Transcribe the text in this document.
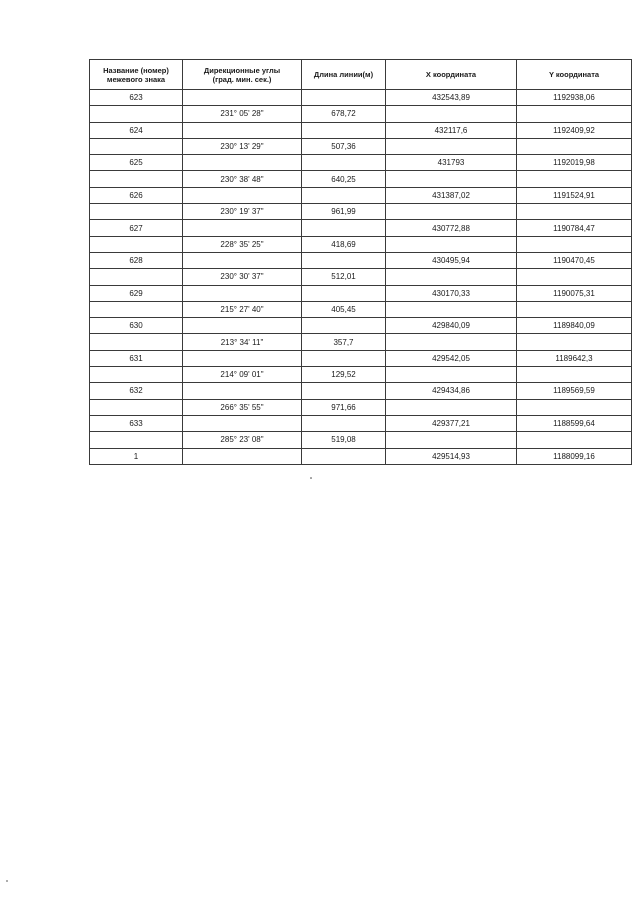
Название (номер)
межевого знака	Дирекционные углы
(град. мин. сек.)	Длина линии(м)	X координата	Y координата

623			432543,89	1192938,06
	231° 05' 28"	678,72		
624			432117,6	1192409,92
	230° 13' 29"	507,36		
625			431793	1192019,98
	230° 38' 48"	640,25		
626			431387,02	1191524,91
	230° 19' 37"	961,99		
627			430772,88	1190784,47
	228° 35' 25"	418,69		
628			430495,94	1190470,45
	230° 30' 37"	512,01		
629			430170,33	1190075,31
	215° 27' 40"	405,45		
630			429840,09	1189840,09
	213° 34' 11"	357,7		
631			429542,05	1189642,3
	214° 09' 01"	129,52		
632			429434,86	1189569,59
	266° 35' 55"	971,66		
633			429377,21	1188599,64
	285° 23' 08"	519,08		
1			429514,93	1188099,16
